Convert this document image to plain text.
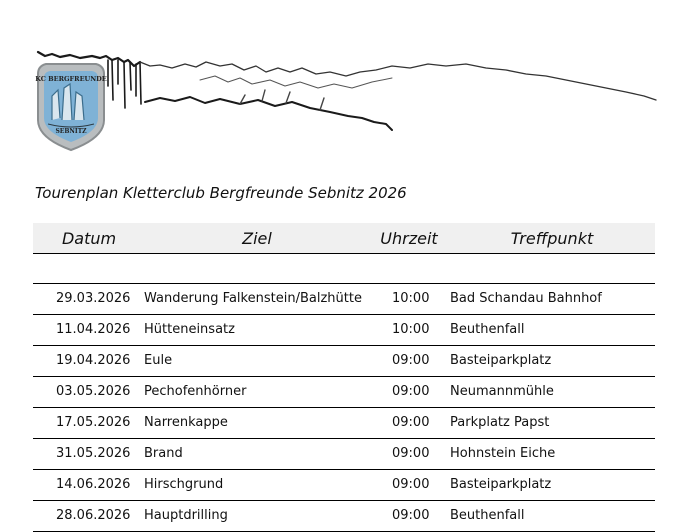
KC BERGFREUNDE
SEBNITZ
Tourenplan Kletterclub Bergfreunde Sebnitz 2026
Datum	Ziel	Uhrzeit	Treffpunkt
29.03.2026 Wanderung Falkenstein/Balzhütte 10:00 Bad Schandau Bahnhof
11.04.2026 Hütteneinsatz	10:00 Beuthenfall
19.04.2026 Eule	09:00 Basteiparkplatz
03.05.2026 Pechofenhörner	09:00 Neumannmühle
17.05.2026 Narrenkappe	09:00 Parkplatz Papst
31.05.2026 Brand	09:00 Hohnstein Eiche
14.06.2026 Hirschgrund	09:00 Basteiparkplatz
28.06.2026 Hauptdrilling	09:00 Beuthenfall
